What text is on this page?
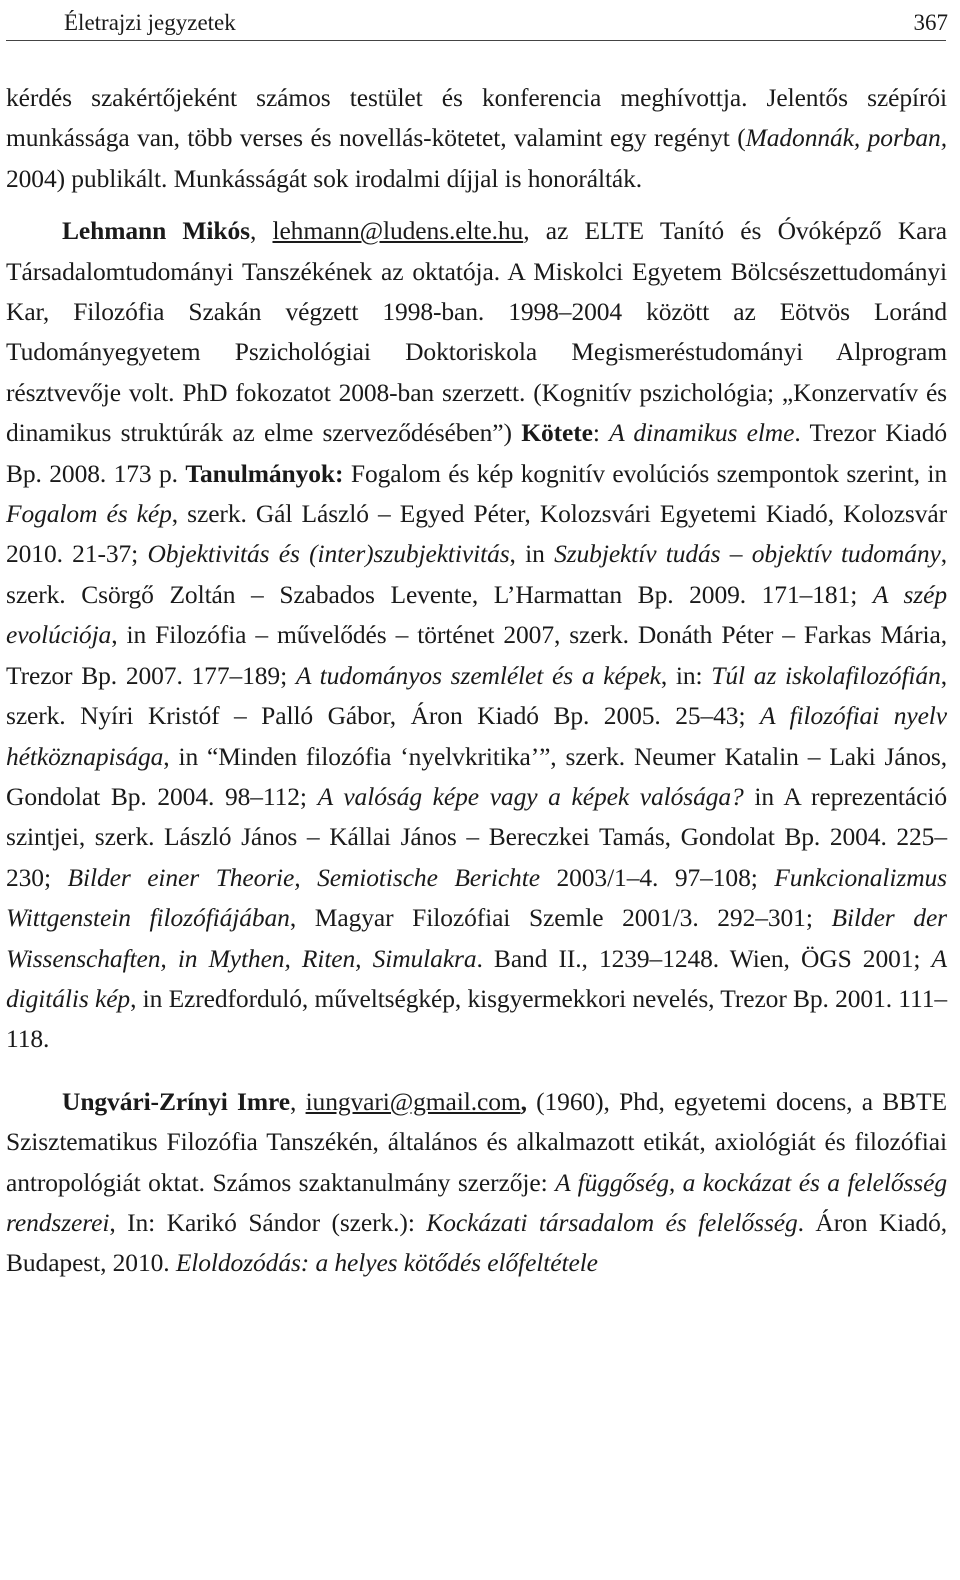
Életrajzi jegyzetek	367

kérdés szakértőjeként számos testület és konferencia meghívottja. Jelentős szépírói munkássága van, több verses és novellás-kötetet, valamint egy regényt (Madonnák, porban, 2004) publikált. Munkásságát sok irodalmi díjjal is honorálták.

Lehmann Mikós, lehmann@ludens.elte.hu, az ELTE Tanító és Óvóképző Kara Társadalomtudományi Tanszékének az oktatója. A Miskolci Egyetem Bölcsészettudományi Kar, Filozófia Szakán végzett 1998-ban. 1998–2004 között az Eötvös Loránd Tudományegyetem Pszichológiai Doktoriskola Megismeréstudományi Alprogram résztvevője volt. PhD fokozatot 2008-ban szerzett. (Kognitív pszichológia; „Konzervatív és dinamikus struktúrák az elme szerveződésében”) Kötete: A dinamikus elme. Trezor Kiadó Bp. 2008. 173 p. Tanulmányok: Fogalom és kép kognitív evolúciós szempontok szerint, in Fogalom és kép, szerk. Gál László – Egyed Péter, Kolozsvári Egyetemi Kiadó, Kolozsvár 2010. 21-37; Objektivitás és (inter)szubjektivitás, in Szubjektív tudás – objektív tudomány, szerk. Csörgő Zoltán – Szabados Levente, L’Harmattan Bp. 2009. 171–181; A szép evolúciója, in Filozófia – művelődés – történet 2007, szerk. Donáth Péter – Farkas Mária, Trezor Bp. 2007. 177–189; A tudományos szemlélet és a képek, in: Túl az iskolafilozófián, szerk. Nyíri Kristóf – Palló Gábor, Áron Kiadó Bp. 2005. 25–43; A filozófiai nyelv hétköznapisága, in “Minden filozófia ‘nyelvkritika’”, szerk. Neumer Katalin – Laki János, Gondolat Bp. 2004. 98–112; A valóság képe vagy a képek valósága? in A reprezentáció szintjei, szerk. László János – Kállai János – Bereczkei Tamás, Gondolat Bp. 2004. 225–230; Bilder einer Theorie, Semiotische Berichte 2003/1–4. 97–108; Funkcionalizmus Wittgenstein filozófiájában, Magyar Filozófiai Szemle 2001/3. 292–301; Bilder der Wissenschaften, in Mythen, Riten, Simulakra. Band II., 1239–1248. Wien, ÖGS 2001; A digitális kép, in Ezredforduló, műveltségkép, kisgyermekkori nevelés, Trezor Bp. 2001. 111–118.

Ungvári-Zrínyi Imre, iungvari@gmail.com, (1960), Phd, egyetemi docens, a BBTE Szisztematikus Filozófia Tanszékén, általános és alkalmazott etikát, axiológiát és filozófiai antropológiát oktat. Számos szaktanulmány szerzője: A függőség, a kockázat és a felelősség rendszerei, In: Karikó Sándor (szerk.): Kockázati társadalom és felelősség. Áron Kiadó, Budapest, 2010. Eloldozódás: a helyes kötődés előfeltétele
